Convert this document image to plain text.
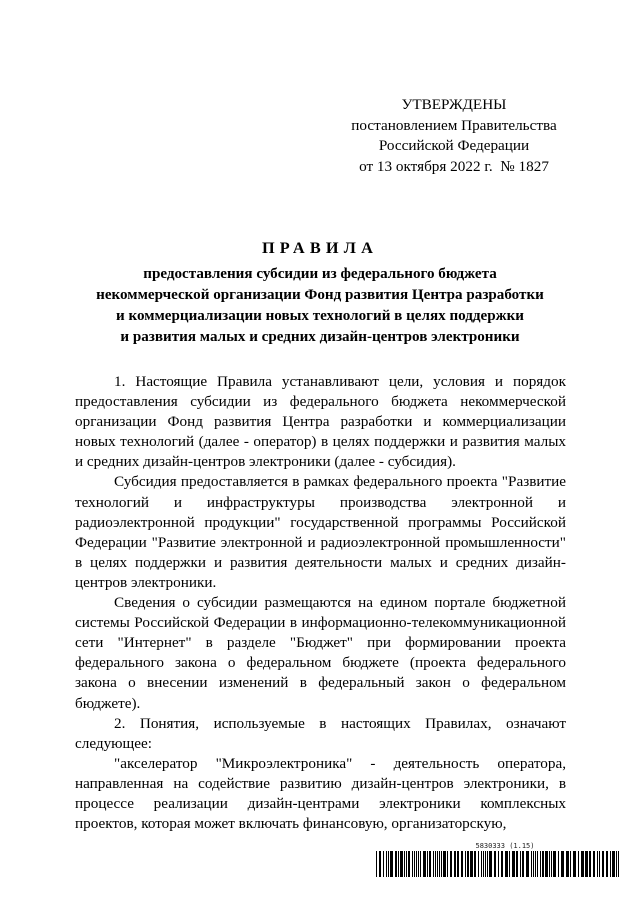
УТВЕРЖДЕНЫ
постановлением Правительства
Российской Федерации
от 13 октября 2022 г.  № 1827
ПРАВИЛА
предоставления субсидии из федерального бюджета
некоммерческой организации Фонд развития Центра разработки
и коммерциализации новых технологий в целях поддержки
и развития малых и средних дизайн-центров электроники

1. Настоящие Правила устанавливают цели, условия и порядок предоставления субсидии из федерального бюджета некоммерческой организации Фонд развития Центра разработки и коммерциализации новых технологий (далее - оператор) в целях поддержки и развития малых и средних дизайн-центров электроники (далее - субсидия).

Субсидия предоставляется в рамках федерального проекта "Развитие технологий и инфраструктуры производства электронной и радиоэлектронной продукции" государственной программы Российской Федерации "Развитие электронной и радиоэлектронной промышленности" в целях поддержки и развития деятельности малых и средних дизайн-центров электроники.

Сведения о субсидии размещаются на едином портале бюджетной системы Российской Федерации в информационно-телекоммуникационной сети "Интернет" в разделе "Бюджет" при формировании проекта федерального закона о федеральном бюджете (проекта федерального закона о внесении изменений в федеральный закон о федеральном бюджете).

2. Понятия, используемые в настоящих Правилах, означают следующее:

"акселератор "Микроэлектроника" - деятельность оператора, направленная на содействие развитию дизайн-центров электроники, в процессе реализации дизайн-центрами электроники комплексных проектов, которая может включать финансовую, организаторскую,

5830333 (1.15)
